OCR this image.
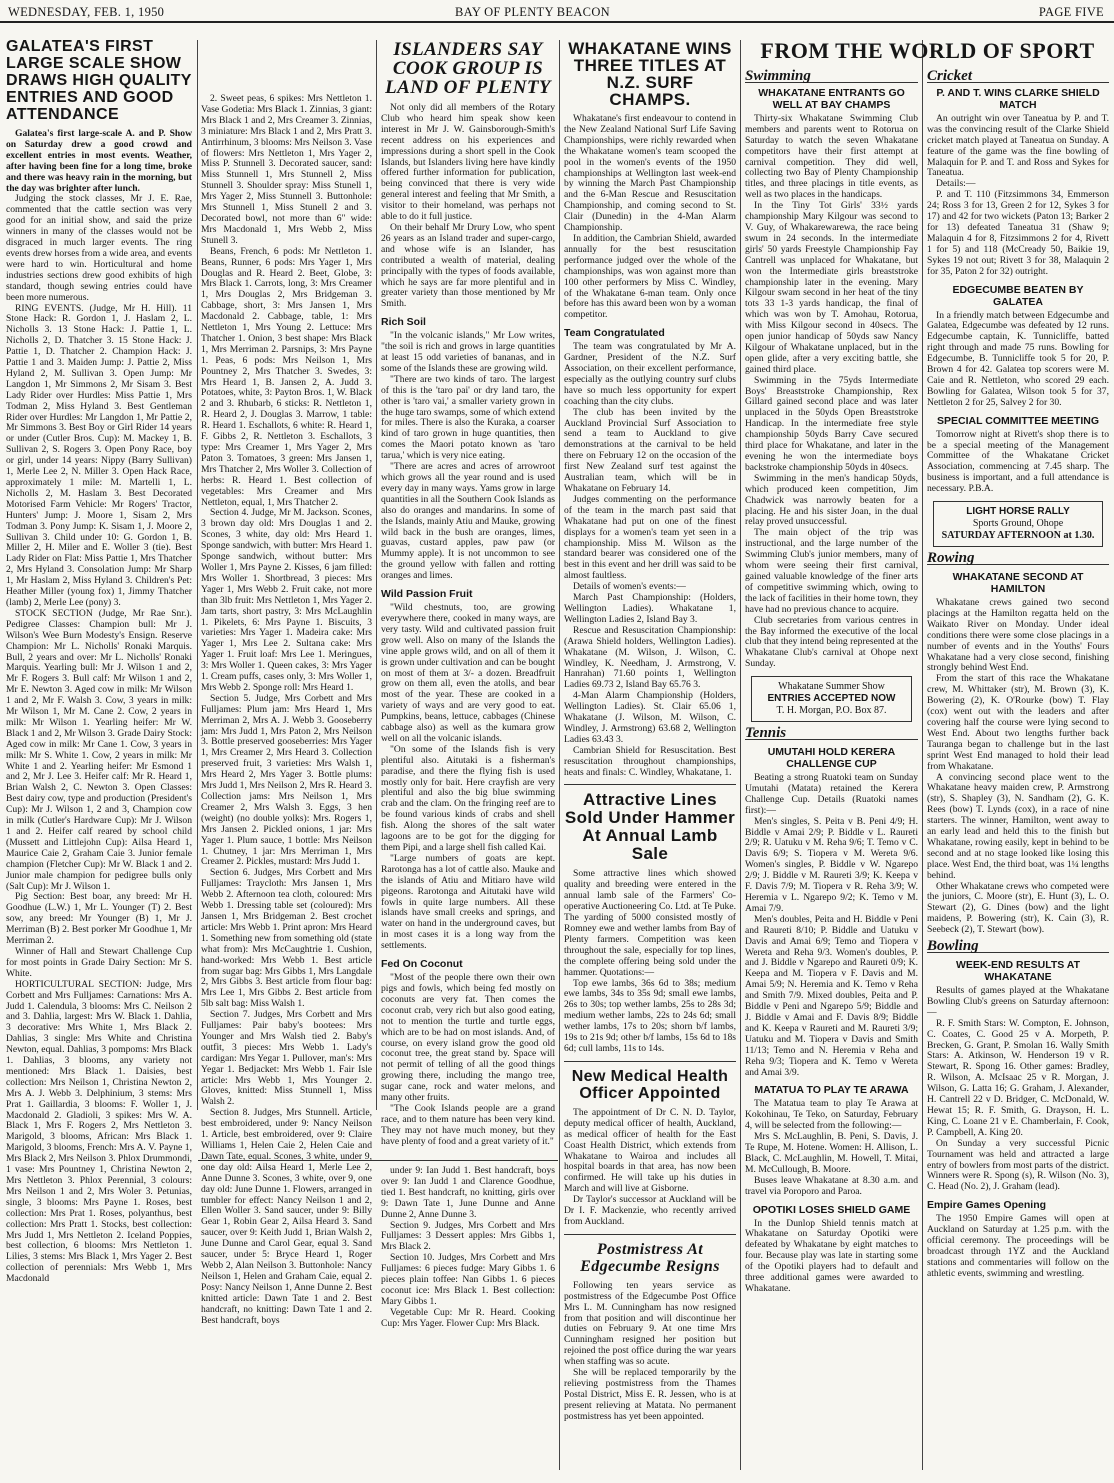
WEDNESDAY, FEB. 1, 1950	BAY OF PLENTY BEACON	PAGE FIVE
GALATEA'S FIRST LARGE SCALE SHOW DRAWS HIGH QUALITY ENTRIES AND GOOD ATTENDANCE

Galatea's first large-scale A. and P. Show on Saturday drew a good crowd and excellent entries in most events. Weather, after having been fine for a long time, broke and there was heavy rain in the morning, but the day was brighter after lunch.

Judging the stock classes, Mr J. E. Rae, commented that the cattle section was very good for an initial show, and said the prize winners in many of the classes would not be disgraced in much larger events. The ring events drew horses from a wide area, and events were hard to win. Horticultural and home industries sections drew good exhibits of high standard, though sewing entries could have been more numerous.

RING EVENTS. (Judge, Mr H. Hill). 11 Stone Hack: R. Gordon 1, J. Haslam 2, L. Nicholls 3. 13 Stone Hack: J. Pattie 1, L. Nicholls 2, D. Thatcher 3. 15 Stone Hack: J. Pattie 1, D. Thatcher 2. Champion Hack: J. Pattie 1 and 3. Maiden Jump: J. Pattie 2, Miss Hyland 2, M. Sullivan 3. Open Jump: Mr Langdon 1, Mr Simmons 2, Mr Sisam 3. Best Lady Rider over Hurdles: Miss Pattie 1, Mrs Todman 2, Miss Hyland 3. Best Gentleman Rider over Hurdles: Mr Langdon 1, Mr Pattie 2, Mr Simmons 3. Best Boy or Girl Rider 14 years or under (Cutler Bros. Cup): M. Mackey 1, B. Sullivan 2, S. Rogers 3. Open Pony Race, boy or girl, under 14 years: Nippy (Barry Sullivan) 1, Merle Lee 2, N. Miller 3. Open Hack Race, approximately 1 mile: M. Martelli 1, L. Nicholls 2, M. Haslam 3. Best Decorated Motorised Farm Vehicle: Mr Rogers' Tractor, Hunters' Jump: J. Moore 1, Sisam 2, Mrs Todman 3. Pony Jump: K. Sisam 1, J. Moore 2, Sullivan 3. Child under 10: G. Gordon 1, B. Miller 2, H. Miler and E. Woller 3 (tie). Best Lady Rider on Flat: Miss Pattie 1, Mrs Thatcher 2, Mrs Hyland 3. Consolation Jump: Mr Sharp 1, Mr Haslam 2, Miss Hyland 3. Children's Pet: Heather Miller (young fox) 1, Jimmy Thatcher (lamb) 2, Merle Lee (pony) 3.

STOCK SECTION (Judge, Mr Rae Snr.). Pedigree Classes: Champion bull: Mr J. Wilson's Wee Burn Modesty's Ensign. Reserve Champion: Mr L. Nicholls' Ronaki Marquis. Bull, 2 years and over: Mr L. Nicholls' Ronaki Marquis. Yearling bull: Mr J. Wilson 1 and 2, Mr F. Rogers 3. Bull calf: Mr Wilson 1 and 2, Mr E. Newton 3. Aged cow in milk: Mr Wilson 1 and 2, Mr F. Walsh 3. Cow, 3 years in milk: Mr Wilson 1, Mr M. Cane 2. Cow, 2 years in milk: Mr Wilson 1. Yearling heifer: Mr W. Black 1 and 2, Mr Wilson 3. Grade Dairy Stock: Aged cow in milk: Mr Cane 1. Cow, 3 years in milk: Mr S. White 1. Cow, 2 years in milk: Mr White 1 and 2. Yearling heifer: Mr Esmond 1 and 2, Mr J. Lee 3. Heifer calf: Mr R. Heard 1, Brian Walsh 2, C. Newton 3. Open Classes: Best dairy cow, type and production (President's Cup): Mr J. Wilson 1, 2 and 3, Champion cow in milk (Cutler's Hardware Cup): Mr J. Wilson 1 and 2. Heifer calf reared by school child (Mussett and Littlejohn Cup): Ailsa Heard 1, Maurice Caie 2, Graham Caie 3. Junior female champion (Fletcher Cup): Mr W. Black 1 and 2. Junior male champion for pedigree bulls only (Salt Cup): Mr J. Wilson 1.

Pig Section: Best boar, any breed: Mr H. Goodhue (L.W.) 1, Mr L. Younger (T) 2. Best sow, any breed: Mr Younger (B) 1, Mr J. Merriman (B) 2. Best porker Mr Goodhue 1, Mr Merriman 2.

Winner of Hall and Stewart Challenge Cup for most points in Grade Dairy Section: Mr S. White.

HORTICULTURAL SECTION: Judge, Mrs Corbett and Mrs Fulljames: Carnations: Mrs A. Judd 1. Calendula, 3 blooms: Mrs C. Neilson 2 and 3. Dahlia, largest: Mrs W. Black 1. Dahlia, 3 decorative: Mrs White 1, Mrs Black 2. Dahlias, 3 single: Mrs White and Christina Newton, equal. Dahlias, 3 pompoms: Mrs Black 1. Dahlias, 3 blooms, any variety not mentioned: Mrs Black 1. Daisies, best collection: Mrs Neilson 1, Christina Newton 2, Mrs A. J. Webb 3. Delphinium, 3 stems: Mrs Prat 1. Gaillardia, 3 blooms: F. Woller 1, J. Macdonald 2. Gladioli, 3 spikes: Mrs W. A. Black 1, Mrs F. Rogers 2, Mrs Nettleton 3. Marigold, 3 blooms, African: Mrs Black 1. Marigold, 3 blooms, French: Mrs A. V. Payne 1, Mrs Black 2, Mrs Neilson 3. Phlox Drummondi, 1 vase: Mrs Pountney 1, Christina Newton 2, Mrs Nettleton 3. Phlox Perennial, 3 colours: Mrs Neilson 1 and 2, Mrs Woler 3. Petunias, single, 3 blooms: Mrs Payne 1. Roses, best collection: Mrs Prat 1. Roses, polyanthus, best collection: Mrs Pratt 1. Stocks, best collection: Mrs Judd 1, Mrs Nettleton 2. Iceland Poppies, best collection, 6 blooms: Mrs Nettleton 1. Lilies, 3 stems: Mrs Black 1, Mrs Yager 2. Best collection of perennials: Mrs Webb 1, Mrs Macdonald

2. Sweet peas, 6 spikes: Mrs Nettleton 1. Vase Godetia: Mrs Black 1. Zinnias, 3 giant: Mrs Black 1 and 2, Mrs Creamer 3. Zinnias, 3 miniature: Mrs Black 1 and 2, Mrs Pratt 3. Antirrhinum, 3 blooms: Mrs Neilson 3. Vase of flowers: Mrs Nettleton 1, Mrs Yager 2, Miss P. Stunnell 3. Decorated saucer, sand: Miss Stunnell 1, Mrs Stunnell 2, Miss Stunnell 3. Shoulder spray: Miss Stunell 1, Mrs Yager 2, Miss Stunnell 3. Buttonhole: Mrs Stunnell 1, Miss Stunell 2 and 3. Decorated bowl, not more than 6" wide: Mrs Macdonald 1, Mrs Webb 2, Miss Stunell 3.

Beans, French, 6 pods: Mr Nettleton 1. Beans, Runner, 6 pods: Mrs Yager 1, Mrs Douglas and R. Heard 2. Beet, Globe, 3: Mrs Black 1. Carrots, long, 3: Mrs Creamer 1, Mrs Douglas 2, Mrs Bridgeman 3. Cabbage, short, 3: Mrs Jansen 1, Mrs Macdonald 2. Cabbage, table, 1: Mrs Nettleton 1, Mrs Young 2. Lettuce: Mrs Thatcher 1. Onion, 3 best shape: Mrs Black 1, Mrs Merriman 2. Parsnips, 3: Mrs Payne 1. Peas, 6 pods: Mrs Neilson 1, Mrs Pountney 2, Mrs Thatcher 3. Swedes, 3: Mrs Heard 1, B. Jansen 2, A. Judd 3. Potatoes, white, 3: Payton Bros. 1, W. Black 2 and 3. Rhubarb, 6 sticks: R. Nettleton 1, R. Heard 2, J. Douglas 3. Marrow, 1 table: R. Heard 1. Eschallots, 6 white: R. Heard 1, F. Gibbs 2, R. Nettleton 3. Eschallots, 3 type: Mrs Creamer 1, Mrs Yager 2, Mrs Paton 3. Tomatoes, 3 green: Mrs Jansen 1, Mrs Thatcher 2, Mrs Woller 3. Collection of herbs: R. Heard 1. Best collection of vegetables: Mrs Creamer and Mrs Nettleton, equal, 1, Mrs Thatcher 2.

Section 4. Judge, Mr M. Jackson. Scones, 3 brown day old: Mrs Douglas 1 and 2. Scones, 3 white, day old: Mrs Heard 1. Sponge sandwich, with butter: Mrs Heard 1. Sponge sandwich, without butter: Mrs Woller 1, Mrs Payne 2. Kisses, 6 jam filled: Mrs Woller 1. Shortbread, 3 pieces: Mrs Yager 1, Mrs Webb 2. Fruit cake, not more than 3lb fruit: Mrs Nettleton 1, Mrs Yager 2. Jam tarts, short pastry, 3: Mrs McLaughlin 1. Pikelets, 6: Mrs Payne 1. Biscuits, 3 varieties: Mrs Yager 1. Madeira cake: Mrs Yager 1, Mrs Lee 2. Sultana cake: Mrs Yager 1. Fruit loaf: Mrs Lee 1. Meringues, 3: Mrs Woller 1. Queen cakes, 3: Mrs Yager 1. Cream puffs, cases only, 3: Mrs Woller 1, Mrs Webb 2. Sponge roll: Mrs Heard 1.

Section 5. Judge, Mrs Corbett and Mrs Fulljames: Plum jam: Mrs Heard 1, Mrs Merriman 2, Mrs A. J. Webb 3. Gooseberry jam: Mrs Judd 1, Mrs Paton 2, Mrs Neilson 3. Bottle preserved gooseberries: Mrs Yager 1, Mrs Creamer 2, Mrs Heard 3. Collection preserved fruit, 3 varieties: Mrs Walsh 1, Mrs Heard 2, Mrs Yager 3. Bottle plums: Mrs Judd 1, Mrs Neilson 2, Mrs R. Heard 3. Collection jams: Mrs Neilson 1, Mrs Creamer 2, Mrs Walsh 3. Eggs, 3 hen (weight) (no double yolks): Mrs. Rogers 1, Mrs Jansen 2. Pickled onions, 1 jar: Mrs Yager 1. Plum sauce, 1 bottle: Mrs Neilson 1. Chutney, 1 jar: Mrs Merriman 1, Mrs Creamer 2. Pickles, mustard: Mrs Judd 1.

Section 6. Judges, Mrs Corbett and Mrs Fulljames: Traycloth: Mrs Jansen 1, Mrs Webb 2. Afternoon tea cloth, coloured: Mrs Webb 1. Dressing table set (coloured): Mrs Jansen 1, Mrs Bridgeman 2. Best crochet article: Mrs Webb 1. Print apron: Mrs Heard 1. Something new from something old (state what from): Mrs McCaughtrie 1. Cushion, hand-worked: Mrs Webb 1. Best article from sugar bag: Mrs Gibbs 1, Mrs Langdale 2, Mrs Gibbs 3. Best article from flour bag: Mrs Lee 1, Mrs Gibbs 2. Best article from 5lb salt bag: Miss Walsh 1.

Section 7. Judges, Mrs Corbett and Mrs Fulljames: Pair baby's bootees: Mrs Younger and Mrs Walsh tied 2. Baby's outfit, 3 pieces: Mrs Webb 1. Lady's cardigan: Mrs Yegar 1. Pullover, man's: Mrs Yegar 1. Bedjacket: Mrs Webb 1. Fair Isle article: Mrs Webb 1, Mrs Younger 2. Gloves, knitted: Miss Stunnell 1, Miss Walsh 2.

Section 8. Judges, Mrs Stunnell. Article, best embroidered, under 9: Nancy Neilson 1. Article, best embroidered, over 9: Claire Williams 1, Helen Caie 2, Helen Caie and Dawn Tate, equal. Scones, 3 white, under 9, one day old: Ailsa Heard 1, Merle Lee 2, Anne Dunne 3. Scones, 3 white, over 9, one day old: June Dunne 1. Flowers, arranged in tumbler for effect: Nancy Neilson 1 and 2, Ellen Woller 3. Sand saucer, under 9: Billy Gear 1, Robin Gear 2, Ailsa Heard 3. Sand saucer, over 9: Keith Judd 1, Brian Walsh 2, June Dunne and Carol Gear, equal 3. Sand saucer, under 5: Bryce Heard 1, Roger Webb 2, Alan Neilson 3. Buttonhole: Nancy Neilson 1, Helen and Graham Caie, equal 2. Posy: Nancy Neilson 1, Anne Dunne 2. Best knitted article: Dawn Tate 1 and 2. Best handcraft, no knitting: Dawn Tate 1 and 2. Best handcraft, boys

ISLANDERS SAY COOK GROUP IS LAND OF PLENTY

Not only did all members of the Rotary Club who heard him speak show keen interest in Mr J. W. Gainsborough-Smith's recent address on his experiences and impressions during a short spell in the Cook Islands, but Islanders living here have kindly offered further information for publication, being convinced that there is very wide general interest and feeling that Mr Smith, a visitor to their homeland, was perhaps not able to do it full justice.

On their behalf Mr Drury Low, who spent 26 years as an Island trader and super-cargo, and whose wife is an Islander, has contributed a wealth of material, dealing principally with the types of foods available, which he says are far more plentiful and in greater variety than those mentioned by Mr Smith.

Rich Soil

"In the volcanic islands," Mr Low writes, "the soil is rich and grows in large quantities at least 15 odd varieties of bananas, and in some of the Islands these are growing wild.

"There are two kinds of taro. The largest of this is the 'taro pai' or dry land taro, the other is 'taro vai,' a smaller variety grown in the huge taro swamps, some of which extend for miles. There is also the Kuraka, a coarser kind of taro grown in huge quantities, then comes the Maori potato known as 'taro tarua,' which is very nice eating.

"There are acres and acres of arrowroot which grows all the year round and is used every day in many ways. Yams grow in large quantities in all the Southern Cook Islands as also do oranges and mandarins. In some of the Islands, mainly Atiu and Mauke, growing wild back in the bush are oranges, limes, guavas, custard apples, paw paw (or Mummy apple). It is not uncommon to see the ground yellow with fallen and rotting oranges and limes.

Wild Passion Fruit

"Wild chestnuts, too, are growing everywhere there, cooked in many ways, are very tasty. Wild and cultivated passion fruit grow well. Also on many of the Islands the vine apple grows wild, and on all of them it is grown under cultivation and can be bought on most of them at 3/- a dozen. Breadfruit grow on them all, even the atolls, and bear most of the year. These are cooked in a variety of ways and are very good to eat. Pumpkins, beans, lettuce, cabbages (Chinese cabbage also) as well as the kumara grow well on all the volcanic islands.

"On some of the Islands fish is very plentiful also. Aitutaki is a fisherman's paradise, and there the flying fish is used mostly only for bait. Here crayfish are very plentiful and also the big blue swimming crab and the clam. On the fringing reef are to be found various kinds of crabs and shell fish. Along the shores of the salt water lagoons are to be got for the digging for them Pipi, and a large shell fish called Kai.

"Large numbers of goats are kept. Rarotonga has a lot of cattle also. Mauke and the islands of Atiu and Mitiaro have wild pigeons. Rarotonga and Aitutaki have wild fowls in quite large numbers. All these islands have small creeks and springs, and water on hand in the underground caves, but in most cases it is a long way from the settlements.

Fed On Coconut

"Most of the people there own their own pigs and fowls, which being fed mostly on coconuts are very fat. Then comes the coconut crab, very rich but also good eating, not to mention the turtle and turtle eggs, which are to be had on most islands. And, of course, on every island grow the good old coconut tree, the great stand by. Space will not permit of telling of all the good things growing there, including the mango tree, sugar cane, rock and water melons, and many other fruits.

"The Cook Islands people are a grand race, and to them nature has been very kind. They may not have much money, but they have plenty of food and a great variety of it."

under 9: Ian Judd 1. Best handcraft, boys over 9: Ian Judd 1 and Clarence Goodhue, tied 1. Best handcraft, no knitting, girls over 9: Dawn Tate 1, June Dunne and Anne Dunne 2, Anne Dunne 3.

Section 9. Judges, Mrs Corbett and Mrs Fulljames: 3 Dessert apples: Mrs Gibbs 1, Mrs Black 2.

Section 10. Judges, Mrs Corbett and Mrs Fulljames: 6 pieces fudge: Mary Gibbs 1. 6 pieces plain toffee: Nan Gibbs 1. 6 pieces coconut ice: Mrs Black 1. Best collection: Mary Gibbs 1.

Vegetable Cup: Mr R. Heard. Cooking Cup: Mrs Yager. Flower Cup: Mrs Black.

WHAKATANE WINS THREE TITLES AT N.Z. SURF CHAMPS.

Whakatane's first endeavour to contend in the New Zealand National Surf Life Saving Championships, were richly rewarded when the Whakatane women's team scooped the pool in the women's events of the 1950 championships at Wellington last week-end by winning the March Past Championship and the 6-Man Rescue and Resuscitation Championship, and coming second to St. Clair (Dunedin) in the 4-Man Alarm Championship.

In addition, the Cambrian Shield, awarded annually for the best resuscitation performance judged over the whole of the championships, was won against more than 100 other performers by Miss C. Windley, of the Whakatane 6-man team. Only once before has this award been won by a woman competitor.

Team Congratulated

The team was congratulated by Mr A. Gardner, President of the N.Z. Surf Association, on their excellent performance, especially as the outlying country surf clubs have so much less opportunity for expert coaching than the city clubs.

The club has been invited by the Auckland Provincial Surf Association to send a team to Auckland to give demonstrations at the carnival to be held there on February 12 on the occasion of the first New Zealand surf test against the Australian team, which will be in Whakatane on February 14.

Judges commenting on the performance of the team in the march past said that Whakatane had put on one of the finest displays for a women's team yet seen in a championship. Miss M. Wilson as the standard bearer was considered one of the best in this event and her drill was said to be almost faultless.

Details of women's events:—

March Past Championship: (Holders, Wellington Ladies). Whakatane 1, Wellington Ladies 2, Island Bay 3.

Rescue and Resuscitation Championship: (Arawa Shield holders, Wellington Ladies). Whakatane (M. Wilson, J. Wilson, C. Windley, K. Needham, J. Armstrong, V. Hanrahan) 71.60 points 1, Wellington Ladies 69.73 2, Island Bay 65.76 3.

4-Man Alarm Championship (Holders, Wellington Ladies). St. Clair 65.06 1, Whakatane (J. Wilson, M. Wilson, C. Windley, J. Armstrong) 63.68 2, Wellington Ladies 63.43 3.

Cambrian Shield for Resuscitation. Best resuscitation throughout championships, heats and finals: C. Windley, Whakatane, 1.

Attractive Lines Sold Under Hammer At Annual Lamb Sale

Some attractive lines which showed quality and breeding were entered in the annual lamb sale of the Farmers' Co-operative Auctioneering Co. Ltd. at Te Puke. The yarding of 5000 consisted mostly of Romney ewe and wether lambs from Bay of Plenty farmers. Competition was keen throughout the sale, especially for top lines, the complete offering being sold under the hammer. Quotations:—

Top ewe lambs, 36s 6d to 38s; medium ewe lambs, 34s to 35s 9d; small ewe lambs, 26s to 30s; top wether lambs, 25s to 28s 3d; medium wether lambs, 22s to 24s 6d; small wether lambs, 17s to 20s; shorn b/f lambs, 19s to 21s 9d; other b/f lambs, 15s 6d to 18s 6d; cull lambs, 11s to 14s.

New Medical Health Officer Appointed

The appointment of Dr C. N. D. Taylor, deputy medical officer of health, Auckland, as medical officer of health for the East Coast Health District, which extends from Whakatane to Wairoa and includes all hospital boards in that area, has now been confirmed. He will take up his duties in March and will live at Gisborne.

Dr Taylor's successor at Auckland will be Dr I. F. Mackenzie, who recently arrived from Auckland.

Postmistress At Edgecumbe Resigns

Following ten years service as postmistress of the Edgecumbe Post Office Mrs L. M. Cunningham has now resigned from that position and will discontinue her duties on February 9. At one time Mrs Cunningham resigned her position but rejoined the post office during the war years when staffing was so acute.

She will be replaced temporarily by the relieving postmistress from the Thames Postal District, Miss E. R. Jessen, who is at present relieving at Matata. No permanent postmistress has yet been appointed.

FROM THE WORLD OF SPORT
Swimming
WHAKATANE ENTRANTS GO WELL AT BAY CHAMPS

Thirty-six Whakatane Swimming Club members and parents went to Rotorua on Saturday to watch the seven Whakatane competitors have their first attempt at carnival competition. They did well, collecting two Bay of Plenty Championship titles, and three placings in title events, as well as two places in the handicaps.

In the Tiny Tot Girls' 33½ yards championship Mary Kilgour was second to V. Guy, of Whakarewarewa, the race being swum in 24 seconds. In the intermediate girls' 50 yards Freestyle Championship Fay Cantrell was unplaced for Whakatane, but won the Intermediate girls breaststroke championship later in the evening. Mary Kilgour swam second in her heat of the tiny tots 33 1-3 yards handicap, the final of which was won by T. Amohau, Rotorua, with Miss Kilgour second in 40secs. The open junior handicap of 50yds saw Nancy Kilgour of Whakatane unplaced, but in the open glide, after a very exciting battle, she gained third place.

Swimming in the 75yds Intermediate Boys' Breaststroke Championship, Rex Gillard gained second place and was later unplaced in the 50yds Open Breaststroke Handicap. In the intermediate free style championship 50yds Barry Cave secured third place for Whakatane, and later in the evening he won the intermediate boys backstroke championship 50yds in 40secs.

Swimming in the men's handicap 50yds, which produced keen competition, Jim Chadwick was narrowly beaten for a placing. He and his sister Joan, in the dual relay proved unsuccessful.

The main object of the trip was instructional, and the large number of the Swimming Club's junior members, many of whom were seeing their first carnival, gained valuable knowledge of the finer arts of competitive swimming which, owing to the lack of facilities in their home town, they have had no previous chance to acquire.

Club secretaries from various centres in the Bay informed the executive of the local club that they intend being represented at the Whakatane Club's carnival at Ohope next Sunday.

Whakatane Summer Show
ENTRIES ACCEPTED NOW
T. H. Morgan, P.O. Box 87.
Tennis
UMUTAHI HOLD KERERA CHALLENGE CUP

Beating a strong Ruatoki team on Sunday Umutahi (Matata) retained the Kerera Challenge Cup. Details (Ruatoki names first):—

Men's singles, S. Peita v B. Peni 4/9; H. Biddle v Amai 2/9; P. Biddle v L. Raureti 2/9; R. Uatuku v M. Reha 9/6; T. Temo v C. Davis 6/9; S. Tiopera v M. Wereta 9/6. Women's singles, P. Biddle v W. Ngarepo 2/9; J. Biddle v M. Raureti 3/9; K. Keepa v F. Davis 7/9; M. Tiopera v R. Reha 3/9; W. Heremia v L. Ngarepo 9/2; K. Temo v M. Amai 7/9.

Men's doubles, Peita and H. Biddle v Peni and Raureti 8/10; P. Biddle and Uatuku v Davis and Amai 6/9; Temo and Tiopera v Wereta and Reha 9/3. Women's doubles, P. and J. Biddle v Ngarepo and Raureti 0/9; K. Keepa and M. Tiopera v F. Davis and M. Amai 5/9; N. Heremia and K. Temo v Reha and Smith 7/9. Mixed doubles, Peita and P. Biddle v Peni and Ngarepo 5/9; Biddle and J. Biddle v Amai and F. Davis 8/9; Biddle and K. Keepa v Raureti and M. Raureti 3/9; Uatuku and M. Tiopera v Davis and Smith 11/13; Temo and N. Heremia v Reha and Reha 9/3; Tiopera and K. Temo v Wereta and Amai 3/9.

MATATUA TO PLAY TE ARAWA

The Matatua team to play Te Arawa at Kokohinau, Te Teko, on Saturday, February 4, will be selected from the following:—

Mrs S. McLaughlin, B. Peni, S. Davis, J. Te Rupe, M. Hotene. Women: H. Allison, L. Black, C. McLaughlin, M. Howell, T. Mitai, M. McCullough, B. Moore.

Buses leave Whakatane at 8.30 a.m. and travel via Poroporo and Paroa.

OPOTIKI LOSES SHIELD GAME

In the Dunlop Shield tennis match at Whakatane on Saturday Opotiki were defeated by Whakatane by eight matches to four. Because play was late in starting some of the Opotiki players had to default and three additional games were awarded to Whakatane.

Cricket
P. AND T. WINS CLARKE SHIELD MATCH

An outright win over Taneatua by P. and T. was the convincing result of the Clarke Shield cricket match played at Taneatua on Sunday. A feature of the game was the fine bowling of Malaquin for P. and T. and Ross and Sykes for Taneatua.

Details:—

P. and T. 110 (Fitzsimmons 34, Emmerson 24; Ross 3 for 13, Green 2 for 12, Sykes 3 for 17) and 42 for two wickets (Paton 13; Barker 2 for 13) defeated Taneatua 31 (Shaw 9; Malaquin 4 for 8, Fitzsimmons 2 for 4, Rivett 1 for 5) and 118 (McCready 50, Baikie 19, Sykes 19 not out; Rivett 3 for 38, Malaquin 2 for 35, Paton 2 for 32) outright.

EDGECUMBE BEATEN BY GALATEA

In a friendly match between Edgecumbe and Galatea, Edgecumbe was defeated by 12 runs. Edgecumbe captain, K. Tunnicliffe, batted right through and made 75 runs. Bowling for Edgecumbe, B. Tunnicliffe took 5 for 20, P. Brown 4 for 42. Galatea top scorers were M. Caie and R. Nettleton, who scored 29 each. Bowling for Galatea, Wilson took 5 for 37, Nettleton 2 for 25, Salvey 2 for 30.

SPECIAL COMMITTEE MEETING

Tomorrow night at Rivett's shop there is to be a special meeting of the Management Committee of the Whakatane Cricket Association, commencing at 7.45 sharp. The business is important, and a full attendance is necessary. P.B.A.

LIGHT HORSE RALLY
Sports Ground, Ohope
SATURDAY AFTERNOON at 1.30.
Rowing
WHAKATANE SECOND AT HAMILTON

Whakatane crews gained two second placings at the Hamilton regatta held on the Waikato River on Monday. Under ideal conditions there were some close placings in a number of events and in the Youths' Fours Whakatane had a very close second, finishing strongly behind West End.

From the start of this race the Whakatane crew, M. Whittaker (str), M. Brown (3), K. Bowering (2), K. O'Rourke (bow) T. Flay (cox) went out with the leaders and after covering half the course were lying second to West End. About two lengths further back Tauranga began to challenge but in the last sprint West End managed to hold their lead from Whakatane.

A convincing second place went to the Whakatane heavy maiden crew, P. Armstrong (str), S. Shapley (3), N. Sandham (2), G. K. Rees (bow) T. Lynds (cox), in a race of nine starters. The winner, Hamilton, went away to an early lead and held this to the finish but Whakatane, rowing easily, kept in behind to be second and at no stage looked like losing this place. West End, the third boat, was 1¼ lengths behind.

Other Whakatane crews who competed were the juniors, C. Moore (str), E. Hunt (3), L. O. Stewart (2), G. Dines (bow) and the light maidens, P. Bowering (str), K. Cain (3), R. Seebeck (2), T. Stewart (bow).

Bowling
WEEK-END RESULTS AT WHAKATANE

Results of games played at the Whakatane Bowling Club's greens on Saturday afternoon:—

R. F. Smith Stars: W. Compton, E. Johnson, C. Coates, C. Good 25 v A. Morpeth, P. Brecken, G. Grant, P. Smolan 16. Wally Smith Stars: A. Atkinson, W. Henderson 19 v R. Stewart, R. Spong 16. Other games: Bradley, R. Wilson, A. McIsaac 25 v R. Morgan, J. Wilson, G. Latta 16; G. Graham, J. Alexander, H. Cantrell 22 v D. Bridger, C. McDonald, W. Hewat 15; R. F. Smith, G. Drayson, H. L. King, C. Loane 21 v E. Chamberlain, F. Cook, P. Campbell, A. King 20.

On Sunday a very successful Picnic Tournament was held and attracted a large entry of bowlers from most parts of the district. Winners were R. Spong (s), R. Wilson (No. 3), C. Head (No. 2), J. Graham (lead).

Empire Games Opening

The 1950 Empire Games will open at Auckland on Saturday at 1.25 p.m. with the official ceremony. The proceedings will be broadcast through 1YZ and the Auckland stations and commentaries will follow on the athletic events, swimming and wrestling.
